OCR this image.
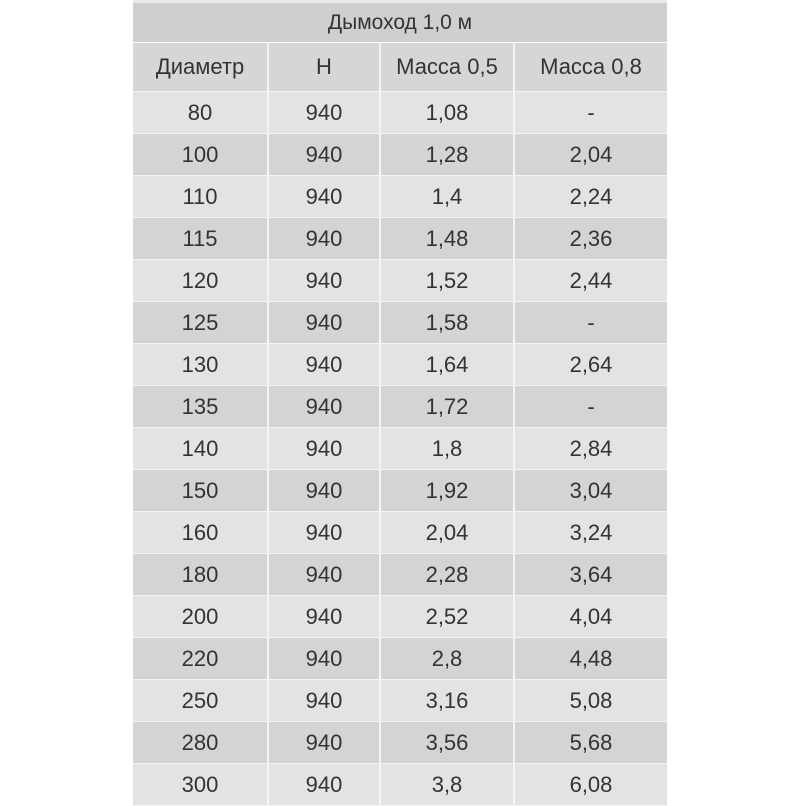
Дымоход 1,0 м
Диаметр	H	Масса 0,5	Масса 0,8
80	940	1,08	-
100	940	1,28	2,04
110	940	1,4	2,24
115	940	1,48	2,36
120	940	1,52	2,44
125	940	1,58	-
130	940	1,64	2,64
135	940	1,72	-
140	940	1,8	2,84
150	940	1,92	3,04
160	940	2,04	3,24
180	940	2,28	3,64
200	940	2,52	4,04
220	940	2,8	4,48
250	940	3,16	5,08
280	940	3,56	5,68
300	940	3,8	6,08
